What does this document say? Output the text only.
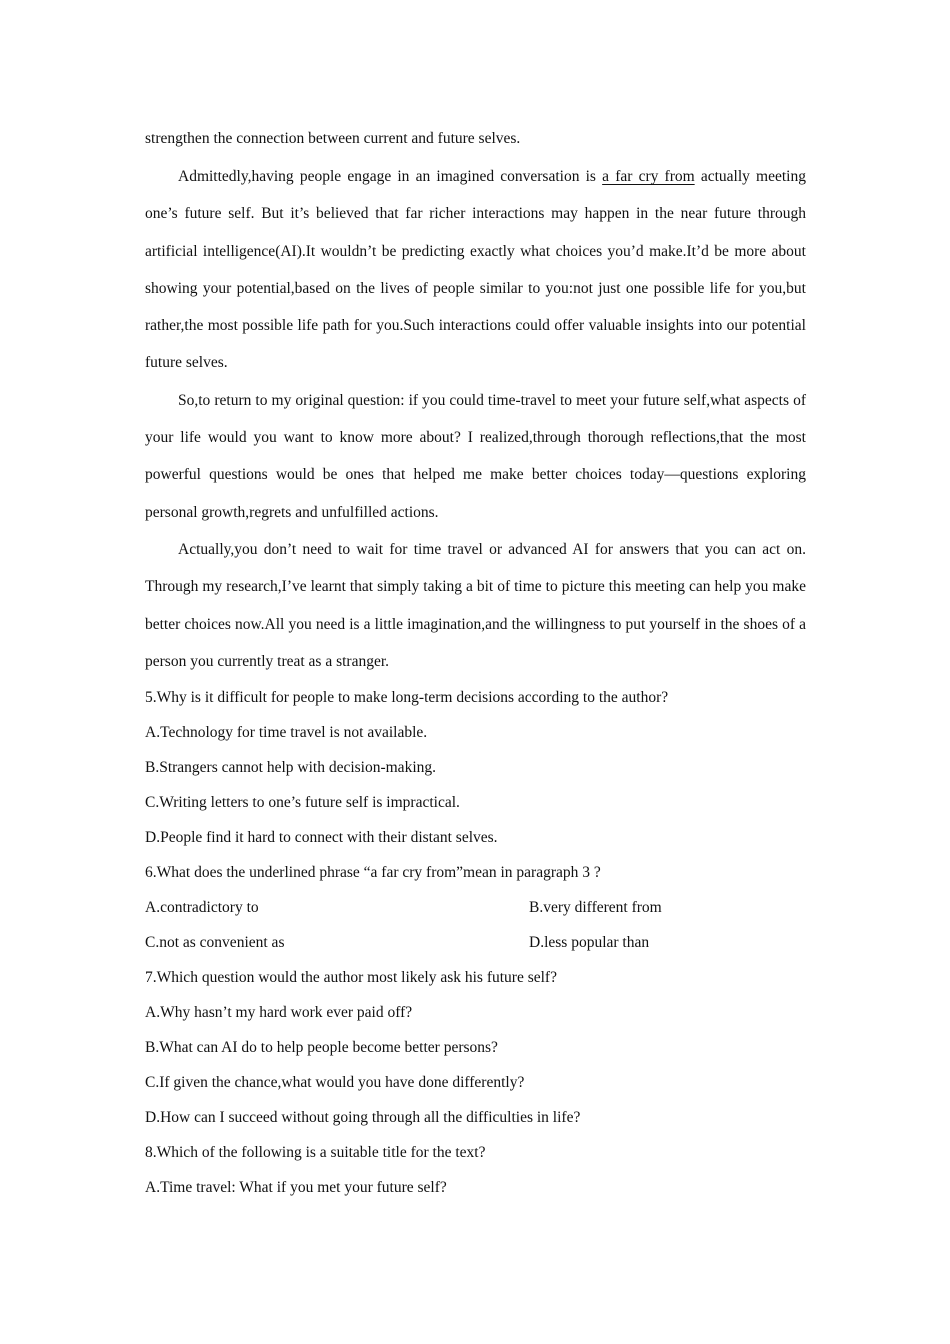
strengthen the connection between current and future selves.

Admittedly,having people engage in an imagined conversation is a far cry from actually meeting one’s future self. But it’s believed that far richer interactions may happen in the near future through artificial intelligence(AI).It wouldn’t be predicting exactly what choices you’d make.It’d be more about showing your potential,based on the lives of people similar to you:not just one possible life for you,but rather,the most possible life path for you.Such interactions could offer valuable insights into our potential future selves.

So,to return to my original question: if you could time-travel to meet your future self,what aspects of your life would you want to know more about? I realized,through thorough reflections,that the most powerful questions would be ones that helped me make better choices today—questions exploring personal growth,regrets and unfulfilled actions.

Actually,you don’t need to wait for time travel or advanced AI for answers that you can act on. Through my research,I’ve learnt that simply taking a bit of time to picture this meeting can help you make better choices now.All you need is a little imagination,and the willingness to put yourself in the shoes of a person you currently treat as a stranger.

5.Why is it difficult for people to make long-term decisions according to the author?

A.Technology for time travel is not available.

B.Strangers cannot help with decision-making.

C.Writing letters to one’s future self is impractical.

D.People find it hard to connect with their distant selves.

6.What does the underlined phrase “a far cry from”mean in paragraph 3 ?

A.contradictory to	B.very different from
C.not as convenient as	D.less popular than

7.Which question would the author most likely ask his future self?

A.Why hasn’t my hard work ever paid off?

B.What can AI do to help people become better persons?

C.If given the chance,what would you have done differently?

D.How can I succeed without going through all the difficulties in life?

8.Which of the following is a suitable title for the text?

A.Time travel: What if you met your future self?
